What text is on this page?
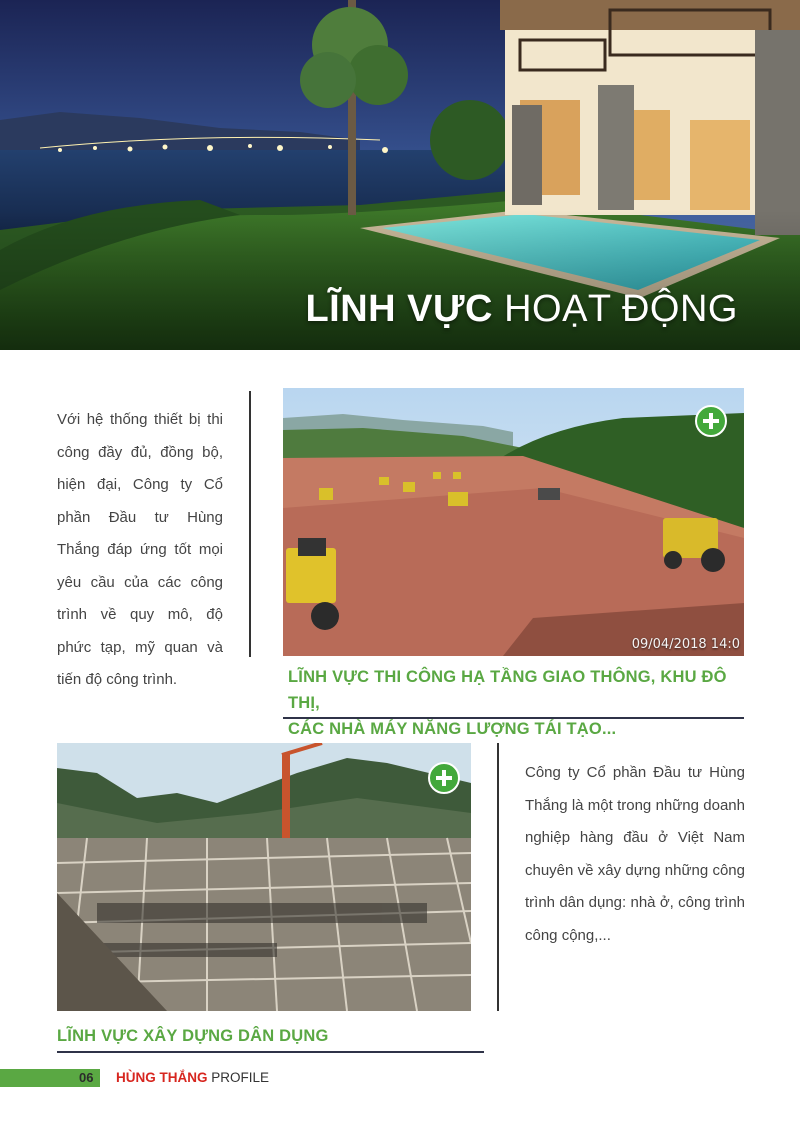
LĨNH VỰC HOẠT ĐỘNG

Với hệ thống thiết bị thi công đầy đủ, đồng bộ, hiện đại, Công ty Cổ phần Đầu tư Hùng Thắng đáp ứng tốt mọi yêu cầu của các công trình về quy mô, độ phức tạp, mỹ quan và tiến độ công trình.

09/04/2018 14:0

LĨNH VỰC THI CÔNG HẠ TẦNG GIAO THÔNG, KHU ĐÔ THỊ,

CÁC NHÀ MÁY NĂNG LƯỢNG TÁI TẠO...

Công ty Cổ phần Đầu tư Hùng Thắng là một trong những doanh nghiệp hàng đầu ở Việt Nam chuyên về xây dựng những công trình dân dụng: nhà ở, công trình công cộng,...

LĨNH VỰC XÂY DỰNG DÂN DỤNG

06 HÙNG THẮNG PROFILE
